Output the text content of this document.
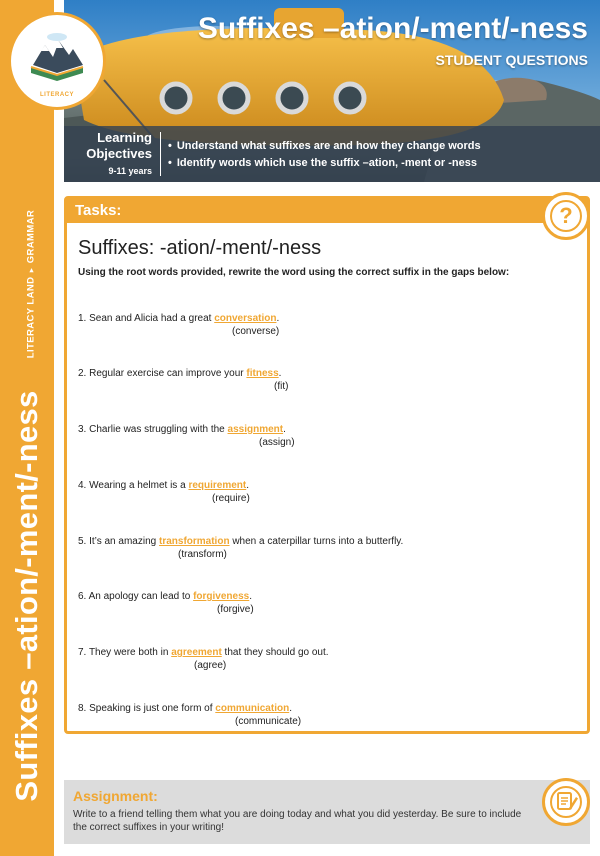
Suffixes –ation/-ment/-ness
LITERACY LAND►GRAMMAR
Suffixes –ation/-ment/-ness
STUDENT QUESTIONS
Learning
Objectives
9-11 years
• Understand what suffixes are and how they change words
• Identify words which use the suffix –ation, -ment or -ness
LITERACY
Tasks:
Suffixes: -ation/-ment/-ness
Using the root words provided, rewrite the word using the correct suffix in the gaps below:
1. Sean and Alicia had a great conversation.
(converse)
2. Regular exercise can improve your fitness.
(fit)
3. Charlie was struggling with the assignment.
(assign)
4. Wearing a helmet is a requirement.
(require)
5. It’s an amazing transformation when a caterpillar turns into a butterfly.
(transform)
6. An apology can lead to forgiveness.
(forgive)
7. They were both in agreement that they should go out.
(agree)
8. Speaking is just one form of communication.
(communicate)
?
Assignment:
Write to a friend telling them what you are doing today and what you did yesterday. Be sure to include the correct suffixes in your writing!
